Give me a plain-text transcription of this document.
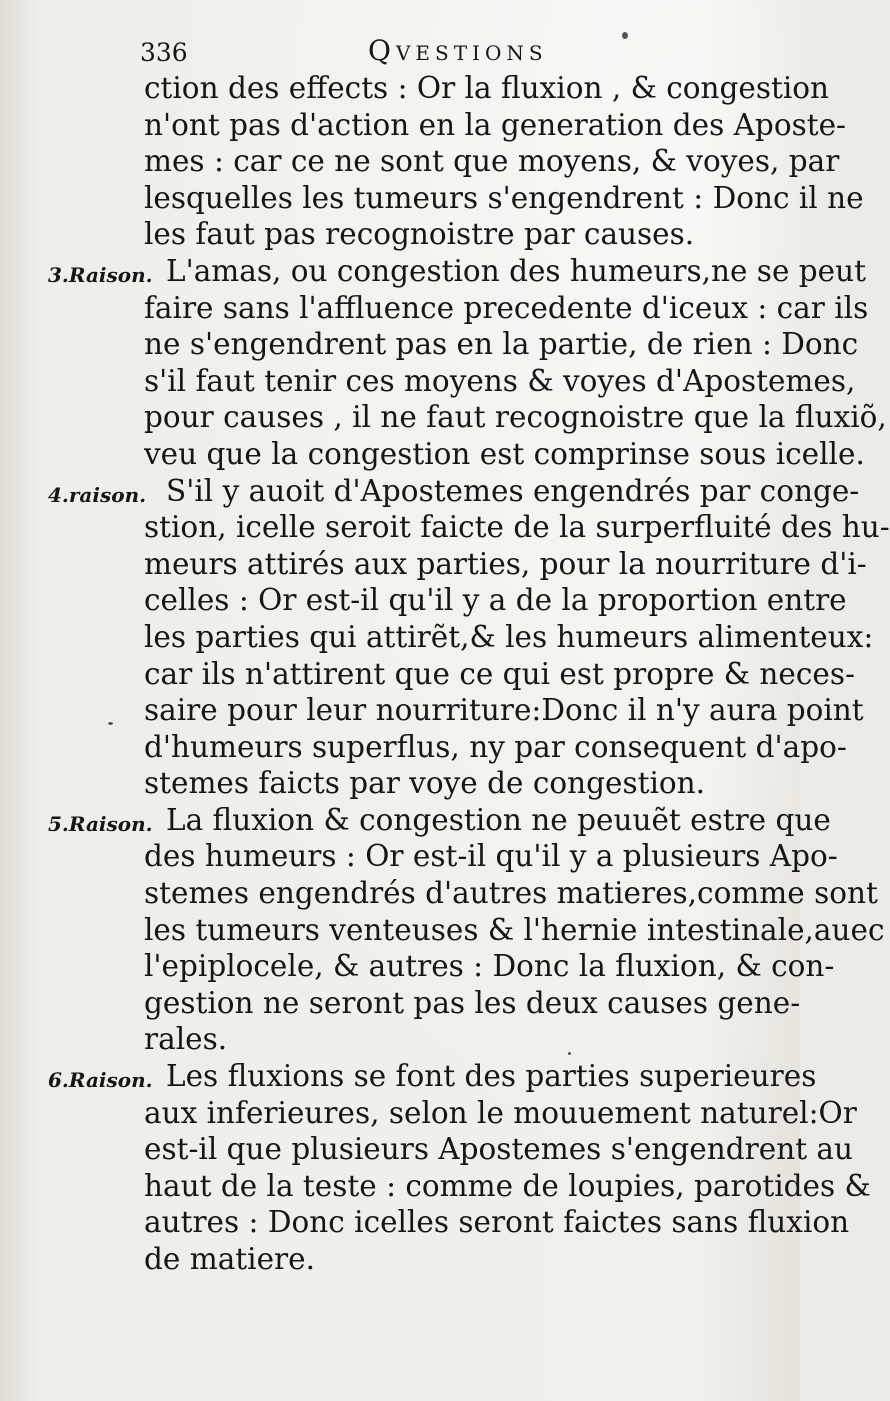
336	Qvestions
ction des effects : Or la fluxion , & congestion
n'ont pas d'action en la generation des Aposte-
mes : car ce ne sont que moyens, & voyes, par
lesquelles les tumeurs s'engendrent : Donc il ne
les faut pas recognoistre par causes.
L'amas, ou congestion des humeurs,ne se peut
faire sans l'affluence precedente d'iceux : car ils
ne s'engendrent pas en la partie, de rien : Donc
s'il faut tenir ces moyens & voyes d'Apostemes,
pour causes , il ne faut recognoistre que la fluxiõ,
veu que la congestion est comprinse sous icelle.
S'il y auoit d'Apostemes engendrés par conge-
stion, icelle seroit faicte de la surperfluité des hu-
meurs attirés aux parties, pour la nourriture d'i-
celles : Or est-il qu'il y a de la proportion entre
les parties qui attirẽt,& les humeurs alimenteux:
car ils n'attirent que ce qui est propre & neces-
saire pour leur nourriture:Donc il n'y aura point
d'humeurs superflus, ny par consequent d'apo-
stemes faicts par voye de congestion.
La fluxion & congestion ne peuuẽt estre que
des humeurs : Or est-il qu'il y a plusieurs Apo-
stemes engendrés d'autres matieres,comme sont
les tumeurs venteuses & l'hernie intestinale,auec
l'epiplocele, & autres : Donc la fluxion, & con-
gestion ne seront pas les deux causes gene-
rales.
Les fluxions se font des parties superieures
aux inferieures, selon le mouuement naturel:Or
est-il que plusieurs Apostemes s'engendrent au
haut de la teste : comme de loupies, parotides &
autres : Donc icelles seront faictes sans fluxion
de matiere.
3.Raison.
4.raison.
5.Raison.
6.Raison.
